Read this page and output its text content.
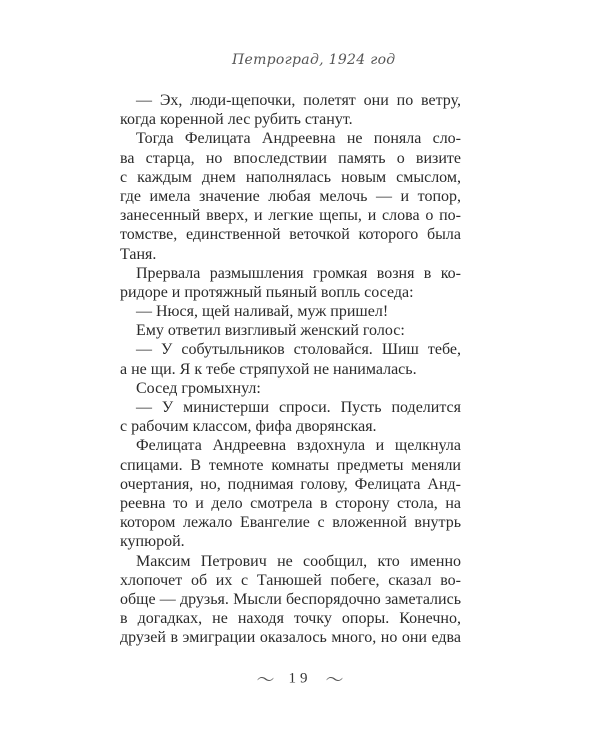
Петроград, 1924 год
— Эх, люди-щепочки, полетят они по ветру,
когда коренной лес рубить станут.
Тогда Фелицата Андреевна не поняла сло-
ва старца, но впоследствии память о визите
с каждым днем наполнялась новым смыслом,
где имела значение любая мелочь — и топор,
занесенный вверх, и легкие щепы, и слова о по-
томстве, единственной веточкой которого была
Таня.
Прервала размышления громкая возня в ко-
ридоре и протяжный пьяный вопль соседа:
— Нюся, щей наливай, муж пришел!
Ему ответил визгливый женский голос:
— У собутыльников столовайся. Шиш тебе,
а не щи. Я к тебе стряпухой не нанималась.
Сосед громыхнул:
— У министерши спроси. Пусть поделится
с рабочим классом, фифа дворянская.
Фелицата Андреевна вздохнула и щелкнула
спицами. В темноте комнаты предметы меняли
очертания, но, поднимая голову, Фелицата Анд-
реевна то и дело смотрела в сторону стола, на
котором лежало Евангелие с вложенной внутрь
купюрой.
Максим Петрович не сообщил, кто именно
хлопочет об их с Танюшей побеге, сказал во-
обще — друзья. Мысли беспорядочно заметались
в догадках, не находя точку опоры. Конечно,
друзей в эмиграции оказалось много, но они едва
〜 19 〜
